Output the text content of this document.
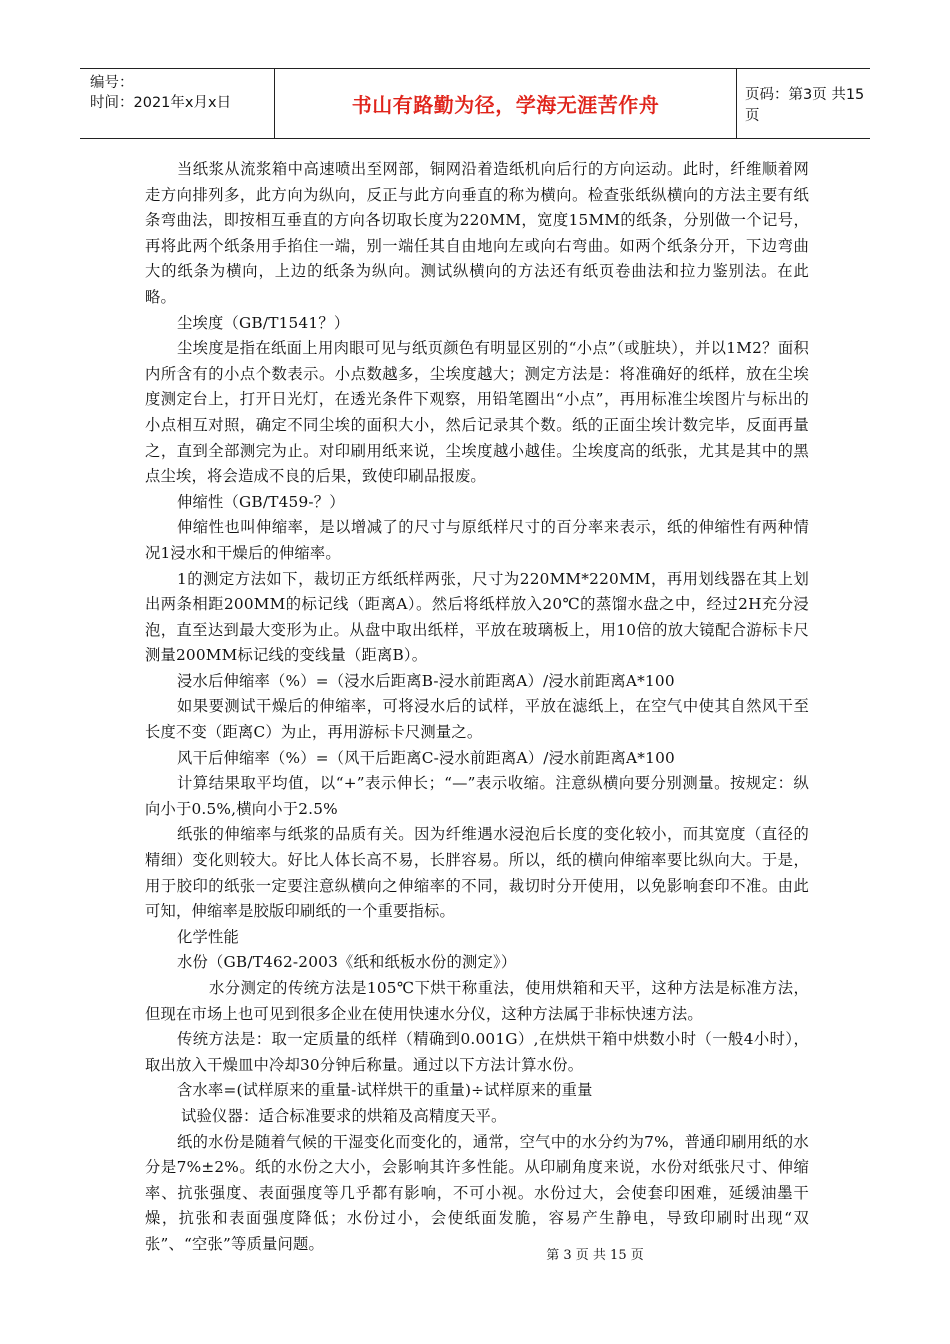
编号：
时间：2021年x月x日	书山有路勤为径，学海无涯苦作舟	页码：第3页 共15页

当纸浆从流浆箱中高速喷出至网部，铜网沿着造纸机向后行的方向运动。此时，纤维顺着网走方向排列多，此方向为纵向，反正与此方向垂直的称为横向。检查张纸纵横向的方法主要有纸条弯曲法，即按相互垂直的方向各切取长度为220MM，宽度15MM的纸条，分别做一个记号，再将此两个纸条用手掐住一端，别一端任其自由地向左或向右弯曲。如两个纸条分开，下边弯曲大的纸条为横向，上边的纸条为纵向。测试纵横向的方法还有纸页卷曲法和拉力鉴别法。在此略。

尘埃度（GB/T1541？）

尘埃度是指在纸面上用肉眼可见与纸页颜色有明显区别的“小点”（或脏块），并以1M2？面积内所含有的小点个数表示。小点数越多，尘埃度越大；测定方法是：将准确好的纸样，放在尘埃度测定台上，打开日光灯，在透光条件下观察，用铅笔圈出“小点”，再用标准尘埃图片与标出的小点相互对照，确定不同尘埃的面积大小，然后记录其个数。纸的正面尘埃计数完毕，反面再量之，直到全部测完为止。对印刷用纸来说，尘埃度越小越佳。尘埃度高的纸张，尤其是其中的黑点尘埃，将会造成不良的后果，致使印刷品报废。

伸缩性（GB/T459-？）

伸缩性也叫伸缩率，是以增减了的尺寸与原纸样尺寸的百分率来表示，纸的伸缩性有两种情况1浸水和干燥后的伸缩率。

1的测定方法如下，裁切正方纸纸样两张，尺寸为220MM*220MM，再用划线器在其上划出两条相距200MM的标记线（距离A）。然后将纸样放入20℃的蒸馏水盘之中，经过2H充分浸泡，直至达到最大变形为止。从盘中取出纸样，平放在玻璃板上，用10倍的放大镜配合游标卡尺测量200MM标记线的变线量（距离B）。

浸水后伸缩率（%）=（浸水后距离B-浸水前距离A）/浸水前距离A*100

如果要测试干燥后的伸缩率，可将浸水后的试样，平放在滤纸上，在空气中使其自然风干至长度不变（距离C）为止，再用游标卡尺测量之。

风干后伸缩率（%）=（风干后距离C-浸水前距离A）/浸水前距离A*100

计算结果取平均值，以“+”表示伸长；“—”表示收缩。注意纵横向要分别测量。按规定：纵向小于0.5%,横向小于2.5%

纸张的伸缩率与纸浆的品质有关。因为纤维遇水浸泡后长度的变化较小，而其宽度（直径的精细）变化则较大。好比人体长高不易，长胖容易。所以，纸的横向伸缩率要比纵向大。于是，用于胶印的纸张一定要注意纵横向之伸缩率的不同，裁切时分开使用，以免影响套印不准。由此可知，伸缩率是胶版印刷纸的一个重要指标。

化学性能

水份（GB/T462-2003《纸和纸板水份的测定》）

水分测定的传统方法是105℃下烘干称重法，使用烘箱和天平，这种方法是标准方法，但现在市场上也可见到很多企业在使用快速水分仪，这种方法属于非标快速方法。

传统方法是：取一定质量的纸样（精确到0.001G）,在烘烘干箱中烘数小时（一般4小时），取出放入干燥皿中冷却30分钟后称量。通过以下方法计算水份。

含水率=(试样原来的重量-试样烘干的重量)÷试样原来的重量

试验仪器：适合标准要求的烘箱及高精度天平。

纸的水份是随着气候的干湿变化而变化的，通常，空气中的水分约为7%，普通印刷用纸的水分是7%±2%。纸的水份之大小，会影响其许多性能。从印刷角度来说，水份对纸张尺寸、伸缩率、抗张强度、表面强度等几乎都有影响，不可小视。水份过大，会使套印困难，延缓油墨干燥，抗张和表面强度降低；水份过小，会使纸面发脆，容易产生静电，导致印刷时出现“双张”、“空张”等质量问题。

第 3 页 共 15 页
